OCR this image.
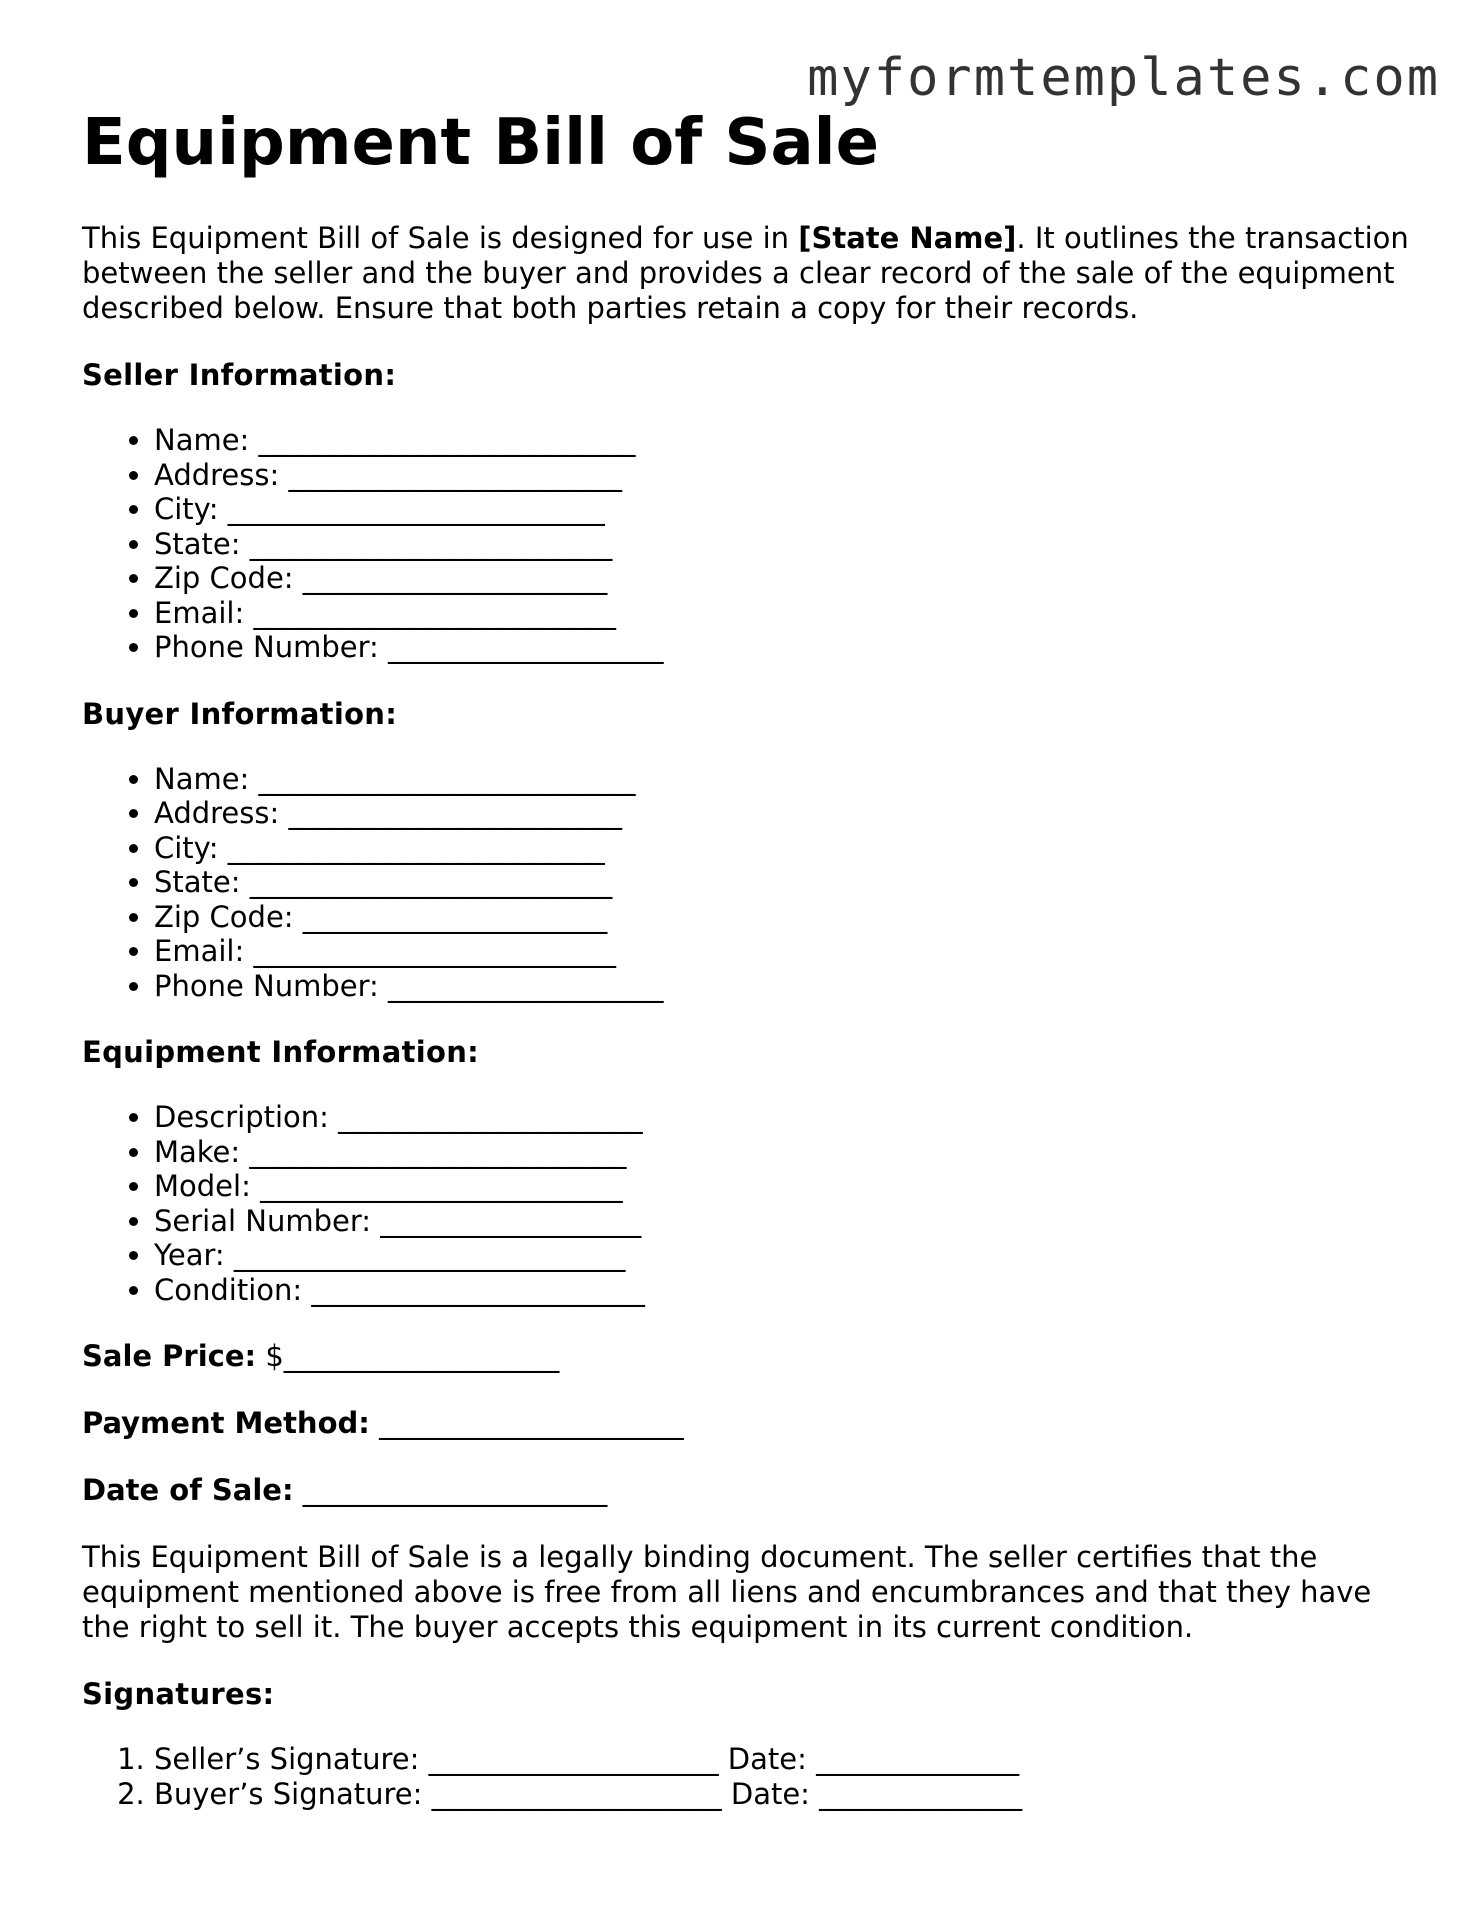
myformtemplates.com
Equipment Bill of Sale

This Equipment Bill of Sale is designed for use in [State Name]. It outlines the transaction between the seller and the buyer and provides a clear record of the sale of the equipment described below. Ensure that both parties retain a copy for their records.

Seller Information:
• Name: __________________________
• Address: _______________________
• City: __________________________
• State: _________________________
• Zip Code: _____________________
• Email: _________________________
• Phone Number: ___________________
Buyer Information:
• Name: __________________________
• Address: _______________________
• City: __________________________
• State: _________________________
• Zip Code: _____________________
• Email: _________________________
• Phone Number: ___________________
Equipment Information:
• Description: _____________________
• Make: __________________________
• Model: _________________________
• Serial Number: __________________
• Year: ___________________________
• Condition: _______________________
Sale Price: $___________________
Payment Method: _____________________
Date of Sale: _____________________

This Equipment Bill of Sale is a legally binding document. The seller certifies that the equipment mentioned above is free from all liens and encumbrances and that they have the right to sell it. The buyer accepts this equipment in its current condition.

Signatures:
1. Seller’s Signature: ____________________ Date: ______________
2. Buyer’s Signature: ____________________ Date: ______________
